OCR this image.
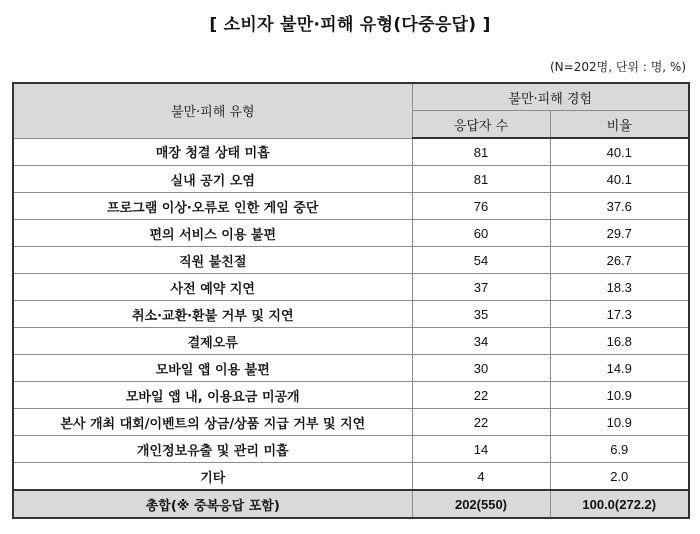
[ 소비자 불만·피해 유형(다중응답) ]
(N=202명, 단위 : 명, %)
불만·피해 유형	불만·피해 경험	
	응답자 수	비율
매장 청결 상태 미흡	81	40.1
실내 공기 오염	81	40.1
프로그램 이상·오류로 인한 게임 중단	76	37.6
편의 서비스 이용 불편	60	29.7
직원 불친절	54	26.7
사전 예약 지연	37	18.3
취소·교환·환불 거부 및 지연	35	17.3
결제오류	34	16.8
모바일 앱 이용 불편	30	14.9
모바일 앱 내, 이용요금 미공개	22	10.9
본사 개최 대회/이벤트의 상금/상품 지급 거부 및 지연	22	10.9
개인정보유출 및 관리 미흡	14	6.9
기타	4	2.0
총합(※ 중복응답 포함)	202(550)	100.0(272.2)
